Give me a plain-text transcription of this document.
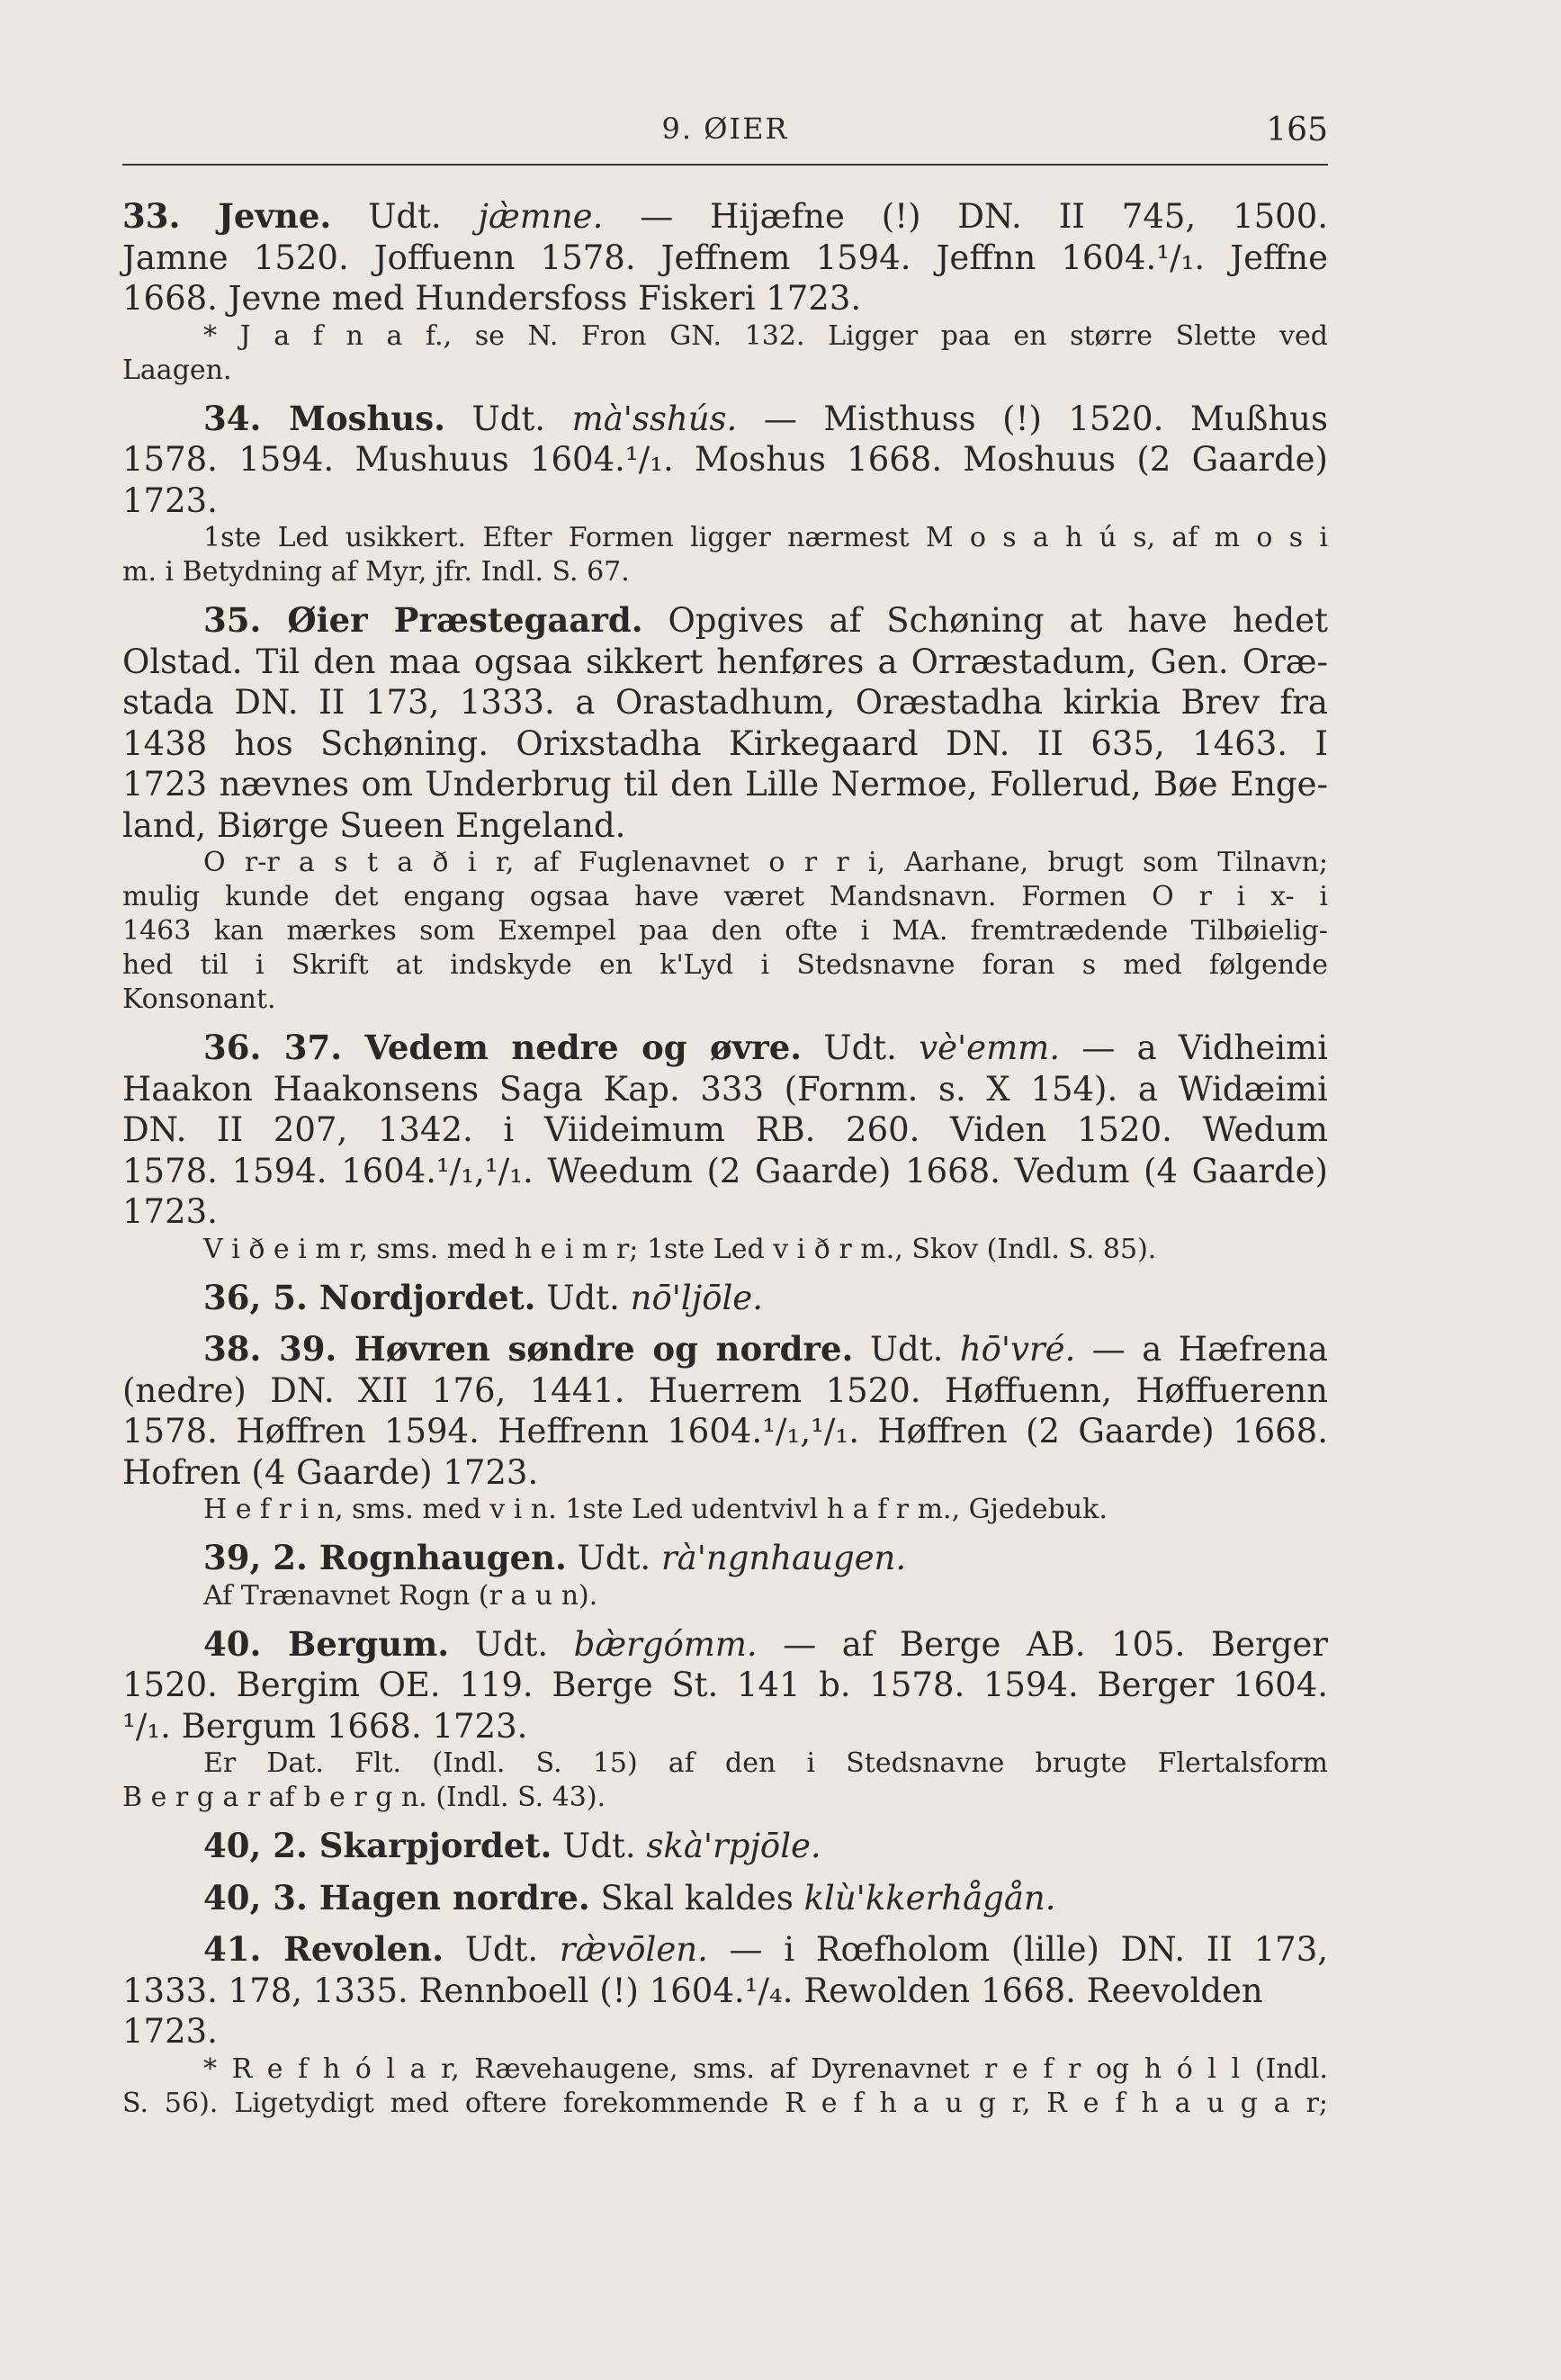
9. ØIER	165

33. Jevne. Udt. jæ̀mne. — Hijæfne (!) DN. II 745, 1500.

Jamne 1520. Joffuenn 1578. Jeffnem 1594. Jeffnn 1604.¹/₁. Jeffne

1668. Jevne med Hundersfoss Fiskeri 1723.

* J a f n a f., se N. Fron GN. 132. Ligger paa en større Slette ved

Laagen.

34. Moshus. Udt. mà'sshús. — Misthuss (!) 1520. Mußhus

1578. 1594. Mushuus 1604.¹/₁. Moshus 1668. Moshuus (2 Gaarde)

1723.

1ste Led usikkert. Efter Formen ligger nærmest M o s a h ú s, af m o s i

m. i Betydning af Myr, jfr. Indl. S. 67.

35. Øier Præstegaard. Opgives af Schøning at have hedet

Olstad. Til den maa ogsaa sikkert henføres a Orræstadum, Gen. Oræ-

stada DN. II 173, 1333. a Orastadhum, Oræstadha kirkia Brev fra

1438 hos Schøning. Orixstadha Kirkegaard DN. II 635, 1463. I

1723 nævnes om Underbrug til den Lille Nermoe, Follerud, Bøe Enge-

land, Biørge Sueen Engeland.

O r-r a s t a ð i r, af Fuglenavnet o r r i, Aarhane, brugt som Tilnavn;

mulig kunde det engang ogsaa have været Mandsnavn. Formen O r i x- i

1463 kan mærkes som Exempel paa den ofte i MA. fremtrædende Tilbøielig-

hed til i Skrift at indskyde en k'Lyd i Stedsnavne foran s med følgende

Konsonant.

36. 37. Vedem nedre og øvre. Udt. vè'emm. — a Vidheimi

Haakon Haakonsens Saga Kap. 333 (Fornm. s. X 154). a Widæimi

DN. II 207, 1342. i Viideimum RB. 260. Viden 1520. Wedum

1578. 1594. 1604.¹/₁,¹/₁. Weedum (2 Gaarde) 1668. Vedum (4 Gaarde)

1723.

V i ð e i m r, sms. med h e i m r; 1ste Led v i ð r m., Skov (Indl. S. 85).

36, 5. Nordjordet. Udt. nō'ljōle.

38. 39. Høvren søndre og nordre. Udt. hō'vré. — a Hæfrena

(nedre) DN. XII 176, 1441. Huerrem 1520. Høffuenn, Høffuerenn

1578. Høffren 1594. Heffrenn 1604.¹/₁,¹/₁. Høffren (2 Gaarde) 1668.

Hofren (4 Gaarde) 1723.

H e f r i n, sms. med v i n. 1ste Led udentvivl h a f r m., Gjedebuk.

39, 2. Rognhaugen. Udt. rà'ngnhaugen.

Af Trænavnet Rogn (r a u n).

40. Bergum. Udt. bæ̀rgómm. — af Berge AB. 105. Berger

1520. Bergim OE. 119. Berge St. 141 b. 1578. 1594. Berger 1604.

¹/₁. Bergum 1668. 1723.

Er Dat. Flt. (Indl. S. 15) af den i Stedsnavne brugte Flertalsform

B e r g a r af b e r g n. (Indl. S. 43).

40, 2. Skarpjordet. Udt. skà'rpjōle.

40, 3. Hagen nordre. Skal kaldes klù'kkerhågån.

41. Revolen. Udt. ræ̀vōlen. — i Rœfholom (lille) DN. II 173,

1333. 178, 1335. Rennboell (!) 1604.¹/₄. Rewolden 1668. Reevolden

1723.

* R e f h ó l a r, Rævehaugene, sms. af Dyrenavnet r e f r og h ó l l (Indl.

S. 56). Ligetydigt med oftere forekommende R e f h a u g r, R e f h a u g a r;
